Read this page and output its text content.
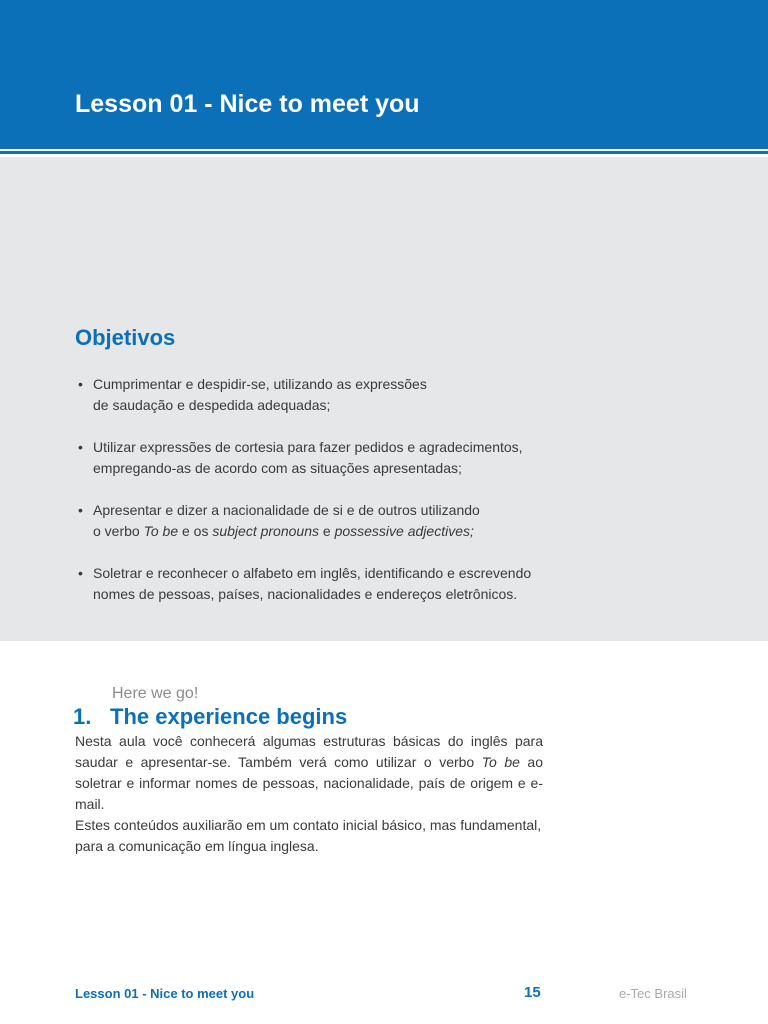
Lesson 01 - Nice to meet you
Objetivos
• Cumprimentar e despidir-se, utilizando as expressões
de saudação e despedida adequadas;
• Utilizar expressões de cortesia para fazer pedidos e agradecimentos,
empregando-as de acordo com as situações apresentadas;
• Apresentar e dizer a nacionalidade de si e de outros utilizando
o verbo To be e os subject pronouns e possessive adjectives;
• Soletrar e reconhecer o alfabeto em inglês, identificando e escrevendo
nomes de pessoas, países, nacionalidades e endereços eletrônicos.
Here we go!
1. The experience begins

Nesta aula você conhecerá algumas estruturas básicas do inglês para saudar e apresentar-se. Também verá como utilizar o verbo To be ao soletrar e informar nomes de pessoas, nacionalidade, país de origem e e-mail.

Estes conteúdos auxiliarão em um contato inicial básico, mas fundamental, para a comunicação em língua inglesa.

Lesson 01 - Nice to meet you	15	e-Tec Brasil
